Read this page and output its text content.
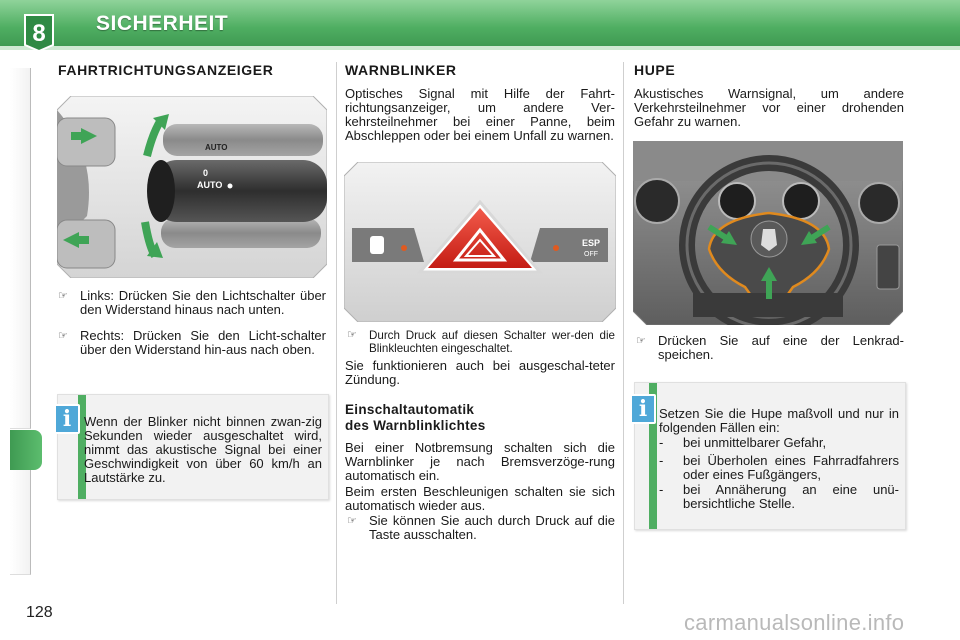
8 SICHERHEIT
FAHRTRICHTUNGSANZEIGER
AUTO
AUTO
0
☞ Links: Drücken Sie den Lichtschalter über den Widerstand hinaus nach unten.
☞ Rechts: Drücken Sie den Licht-schalter über den Widerstand hin-aus nach oben.

Wenn der Blinker nicht binnen zwan-zig Sekunden wieder ausgeschaltet wird, nimmt das akustische Signal bei einer Geschwindigkeit von über 60 km/h an Lautstärke zu.

i
WARNBLINKER

Optisches Signal mit Hilfe der Fahrt-richtungsanzeiger, um andere Ver-kehrsteilnehmer bei einer Panne, beim Abschleppen oder bei einem Unfall zu warnen.

ESP
OFF
☞ Durch Druck auf diesen Schalter wer-den die Blinkleuchten eingeschaltet.

Sie funktionieren auch bei ausgeschal-teter Zündung.

Einschaltautomatik
des Warnblinklichtes

Bei einer Notbremsung schalten sich die Warnblinker je nach Bremsverzöge-rung automatisch ein.

Beim ersten Beschleunigen schalten sie sich automatisch wieder aus.

☞ Sie können Sie auch durch Druck auf die Taste ausschalten.
HUPE

Akustisches Warnsignal, um andere Verkehrsteilnehmer vor einer drohenden Gefahr zu warnen.

☞ Drücken Sie auf eine der Lenkrad-speichen.

Setzen Sie die Hupe maßvoll und nur in folgenden Fällen ein:

- bei unmittelbarer Gefahr,
- bei Überholen eines Fahrradfahrers oder eines Fußgängers,
- bei Annäherung an eine unü-bersichtliche Stelle.
i
128	carmanualsonline.info
